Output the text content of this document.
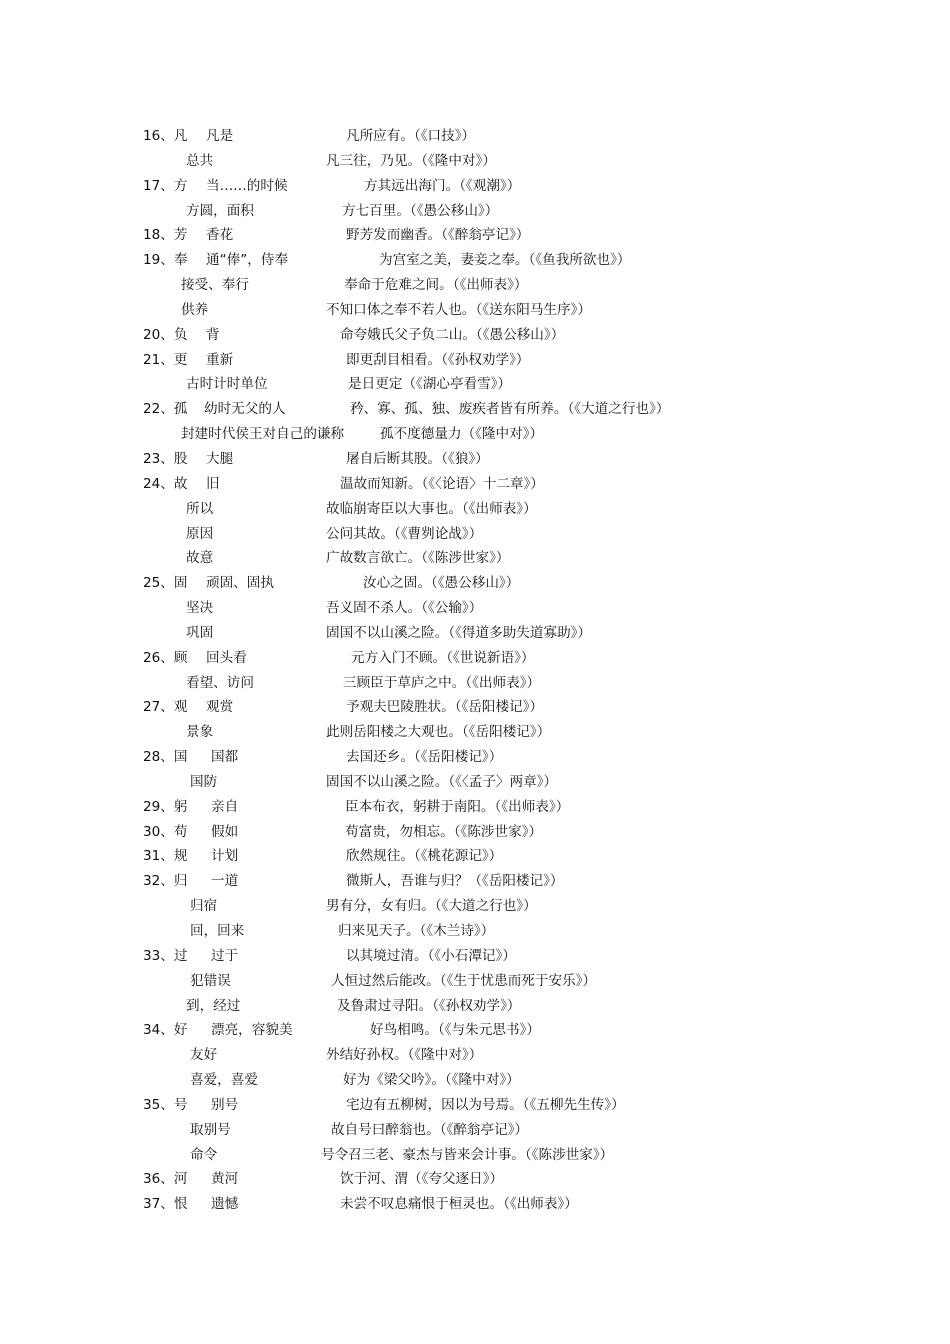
16、凡 凡是	凡所应有。（《口技》）
总共	凡三往，乃见。（《隆中对》）
17、方 当……的时候	方其远出海门。（《观潮》）
方圆，面积	方七百里。（《愚公移山》）
18、芳 香花	野芳发而幽香。（《醉翁亭记》）
19、奉 通“俸”，侍奉	为宫室之美，妻妾之奉。（《鱼我所欲也》）
接受、奉行	奉命于危难之间。（《出师表》）
供养	不知口体之奉不若人也。（《送东阳马生序》）
20、负 背	命夸娥氏父子负二山。（《愚公移山》）
21、更 重新	即更刮目相看。（《孙权劝学》）
古时计时单位	是日更定（《湖心亭看雪》）
22、孤 幼时无父的人	矜、寡、孤、独、废疾者皆有所养。（《大道之行也》）
封建时代侯王对自己的谦称	孤不度德量力（《隆中对》）
23、股 大腿	屠自后断其股。（《狼》）
24、故 旧	温故而知新。（《〈论语〉十二章》）
所以	故临崩寄臣以大事也。（《出师表》）
原因	公问其故。（《曹刿论战》）
故意	广故数言欲亡。（《陈涉世家》）
25、固 顽固、固执	汝心之固。（《愚公移山》）
坚决	吾义固不杀人。（《公输》）
巩固	固国不以山溪之险。（《得道多助失道寡助》）
26、顾 回头看	元方入门不顾。（《世说新语》）
看望、访问	三顾臣于草庐之中。（《出师表》）
27、观 观赏	予观夫巴陵胜状。（《岳阳楼记》）
景象	此则岳阳楼之大观也。（《岳阳楼记》）
28、国 国都	去国还乡。（《岳阳楼记》）
国防	固国不以山溪之险。（《〈孟子〉两章》）
29、躬 亲自	臣本布衣，躬耕于南阳。（《出师表》）
30、苟 假如	苟富贵，勿相忘。（《陈涉世家》）
31、规 计划	欣然规往。（《桃花源记》）
32、归 一道	微斯人，吾谁与归？（《岳阳楼记》）
归宿	男有分，女有归。（《大道之行也》）
回，回来	归来见天子。（《木兰诗》）
33、过 过于	以其境过清。（《小石潭记》）
犯错误	人恒过然后能改。（《生于忧患而死于安乐》）
到，经过	及鲁肃过寻阳。（《孙权劝学》）
34、好 漂亮，容貌美	好鸟相鸣。（《与朱元思书》）
友好	外结好孙权。（《隆中对》）
喜爱，喜爱	好为《梁父吟》。（《隆中对》）
35、号 别号	宅边有五柳树，因以为号焉。（《五柳先生传》）
取别号	故自号曰醉翁也。（《醉翁亭记》）
命令	号令召三老、豪杰与皆来会计事。（《陈涉世家》）
36、河 黄河	饮于河、渭（《夸父逐日》）
37、恨 遗憾	未尝不叹息痛恨于桓灵也。（《出师表》）
